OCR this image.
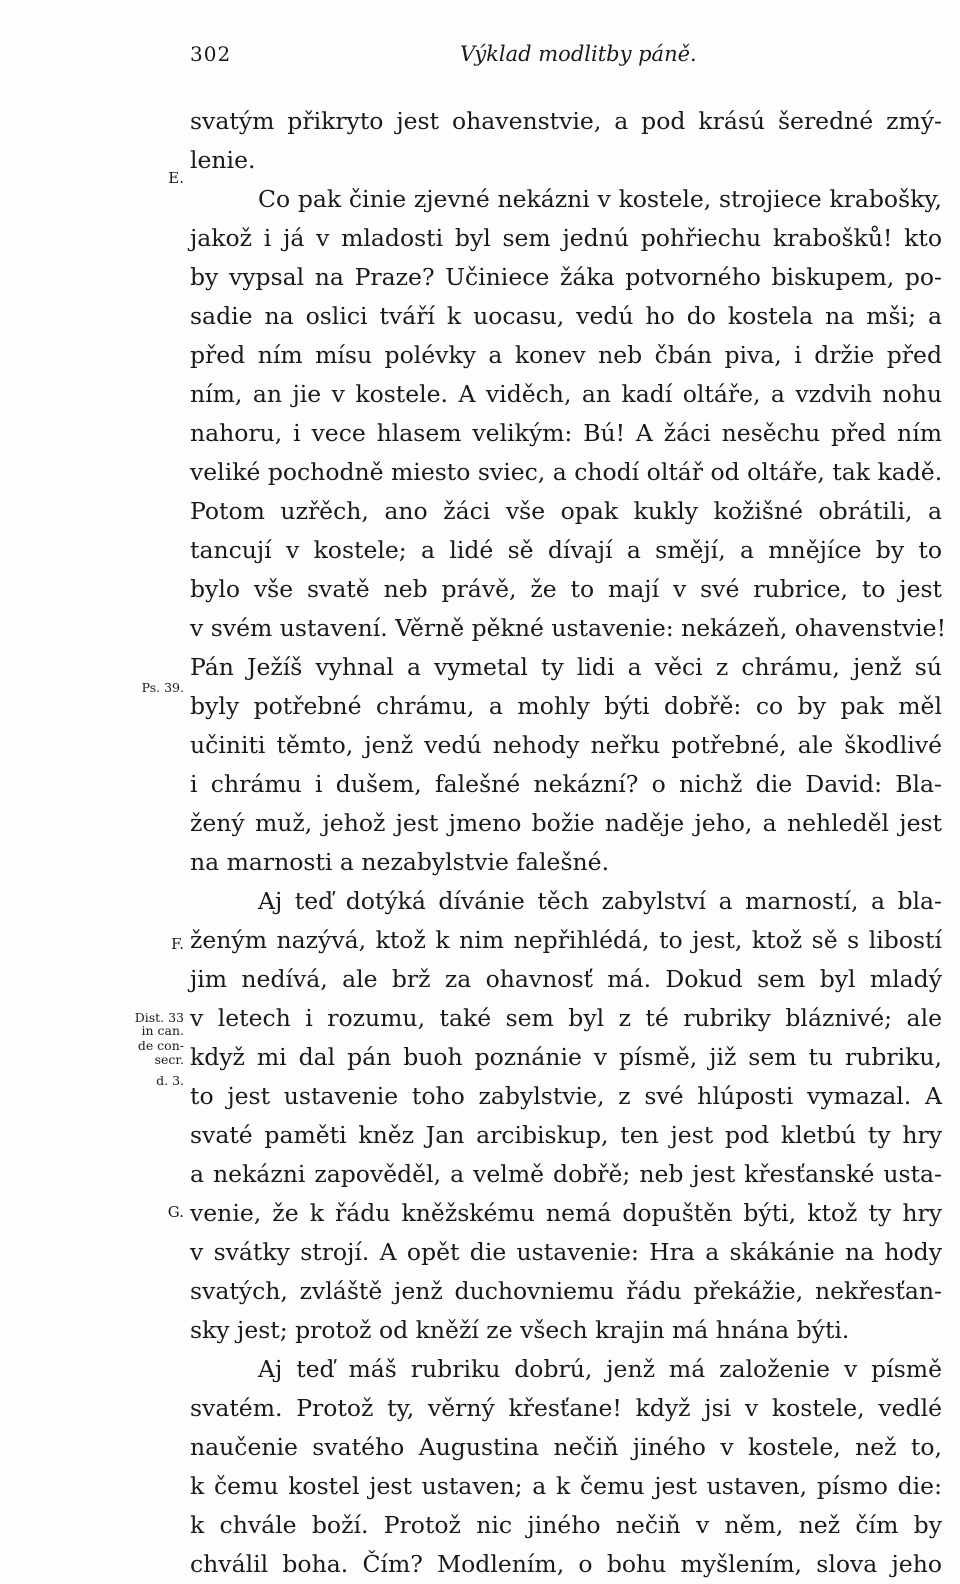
302	Výklad modlitby páně.
svatým přikryto jest ohavenstvie, a pod krású šeredné zmý-
lenie.
Co pak činie zjevné nekázni v kostele, strojiece krabošky,
jakož i já v mladosti byl sem jednú pohřiechu krabošků! kto
by vypsal na Praze? Učiniece žáka potvorného biskupem, po-
sadie na oslici tváří k uocasu, vedú ho do kostela na mši; a
před ním mísu polévky a konev neb čbán piva, i držie před
ním, an jie v kostele. A viděch, an kadí oltáře, a vzdvih nohu
nahoru, i vece hlasem velikým: Bú! A žáci nesěchu před ním
veliké pochodně miesto sviec, a chodí oltář od oltáře, tak kadě.
Potom uzřěch, ano žáci vše opak kukly kožišné obrátili, a
tancují v kostele; a lidé sě dívají a smějí, a mnějíce by to
bylo vše svatě neb právě, že to mají v své rubrice, to jest
v svém ustavení. Věrně pěkné ustavenie: nekázeň, ohavenstvie!
Pán Ježíš vyhnal a vymetal ty lidi a věci z chrámu, jenž sú
byly potřebné chrámu, a mohly býti dobřě: co by pak měl
učiniti těmto, jenž vedú nehody neřku potřebné, ale škodlivé
i chrámu i dušem, falešné nekázní? o nichž die David: Bla-
žený muž, jehož jest jmeno božie naděje jeho, a nehleděl jest
na marnosti a nezabylstvie falešné.
Aj teď dotýká dívánie těch zabylství a marností, a bla-
ženým nazývá, ktož k nim nepřihlédá, to jest, ktož sě s libostí
jim nedívá, ale brž za ohavnosť má. Dokud sem byl mladý
v letech i rozumu, také sem byl z té rubriky bláznivé; ale
když mi dal pán buoh poznánie v písmě, již sem tu rubriku,
to jest ustavenie toho zabylstvie, z své hlúposti vymazal. A
svaté paměti kněz Jan arcibiskup, ten jest pod kletbú ty hry
a nekázni zapověděl, a velmě dobřě; neb jest křesťanské usta-
venie, že k řádu kněžskému nemá dopuštěn býti, ktož ty hry
v svátky strojí. A opět die ustavenie: Hra a skákánie na hody
svatých, zvláště jenž duchovniemu řádu překážie, nekřesťan-
sky jest; protož od kněží ze všech krajin má hnána býti.
Aj teď máš rubriku dobrú, jenž má založenie v písmě
svatém. Protož ty, věrný křesťane! když jsi v kostele, vedlé
naučenie svatého Augustina nečiň jiného v kostele, než to,
k čemu kostel jest ustaven; a k čemu jest ustaven, písmo die:
k chvále boží. Protož nic jiného nečiň v něm, než čím by
chválil boha. Čím? Modlením, o bohu myšlením, slova jeho
E.
Ps. 39.
F.
Dist. 33
in can.
de con-
secr.
d. 3.
G.
